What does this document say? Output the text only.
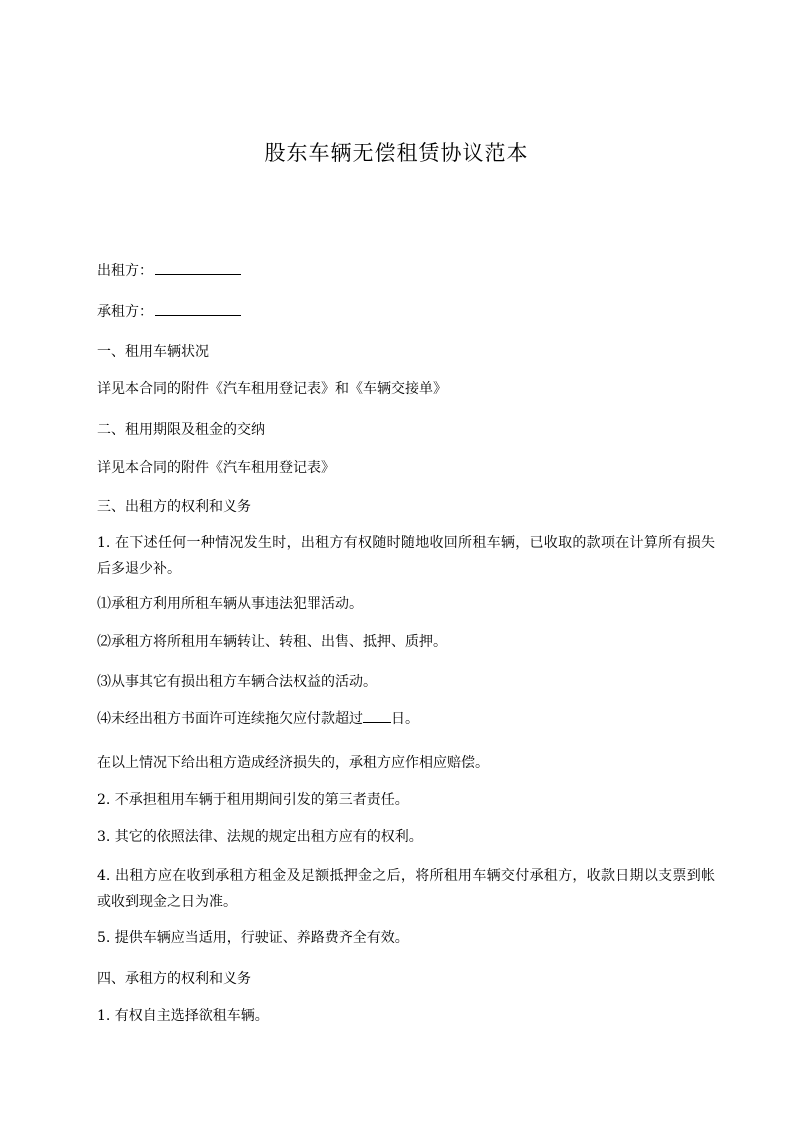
股东车辆无偿租赁协议范本
出租方：
承租方：
一、租用车辆状况
详见本合同的附件《汽车租用登记表》和《车辆交接单》
二、租用期限及租金的交纳
详见本合同的附件《汽车租用登记表》
三、出租方的权利和义务
1. 在下述任何一种情况发生时，出租方有权随时随地收回所租车辆，已收取的款项在计算所有损失后多退少补。
⑴承租方利用所租车辆从事违法犯罪活动。
⑵承租方将所租用车辆转让、转租、出售、抵押、质押。
⑶从事其它有损出租方车辆合法权益的活动。
⑷未经出租方书面许可连续拖欠应付款超过 日。
在以上情况下给出租方造成经济损失的，承租方应作相应赔偿。
2. 不承担租用车辆于租用期间引发的第三者责任。
3. 其它的依照法律、法规的规定出租方应有的权利。
4. 出租方应在收到承租方租金及足额抵押金之后，将所租用车辆交付承租方，收款日期以支票到帐或收到现金之日为准。
5. 提供车辆应当适用，行驶证、养路费齐全有效。
四、承租方的权利和义务
1. 有权自主选择欲租车辆。
